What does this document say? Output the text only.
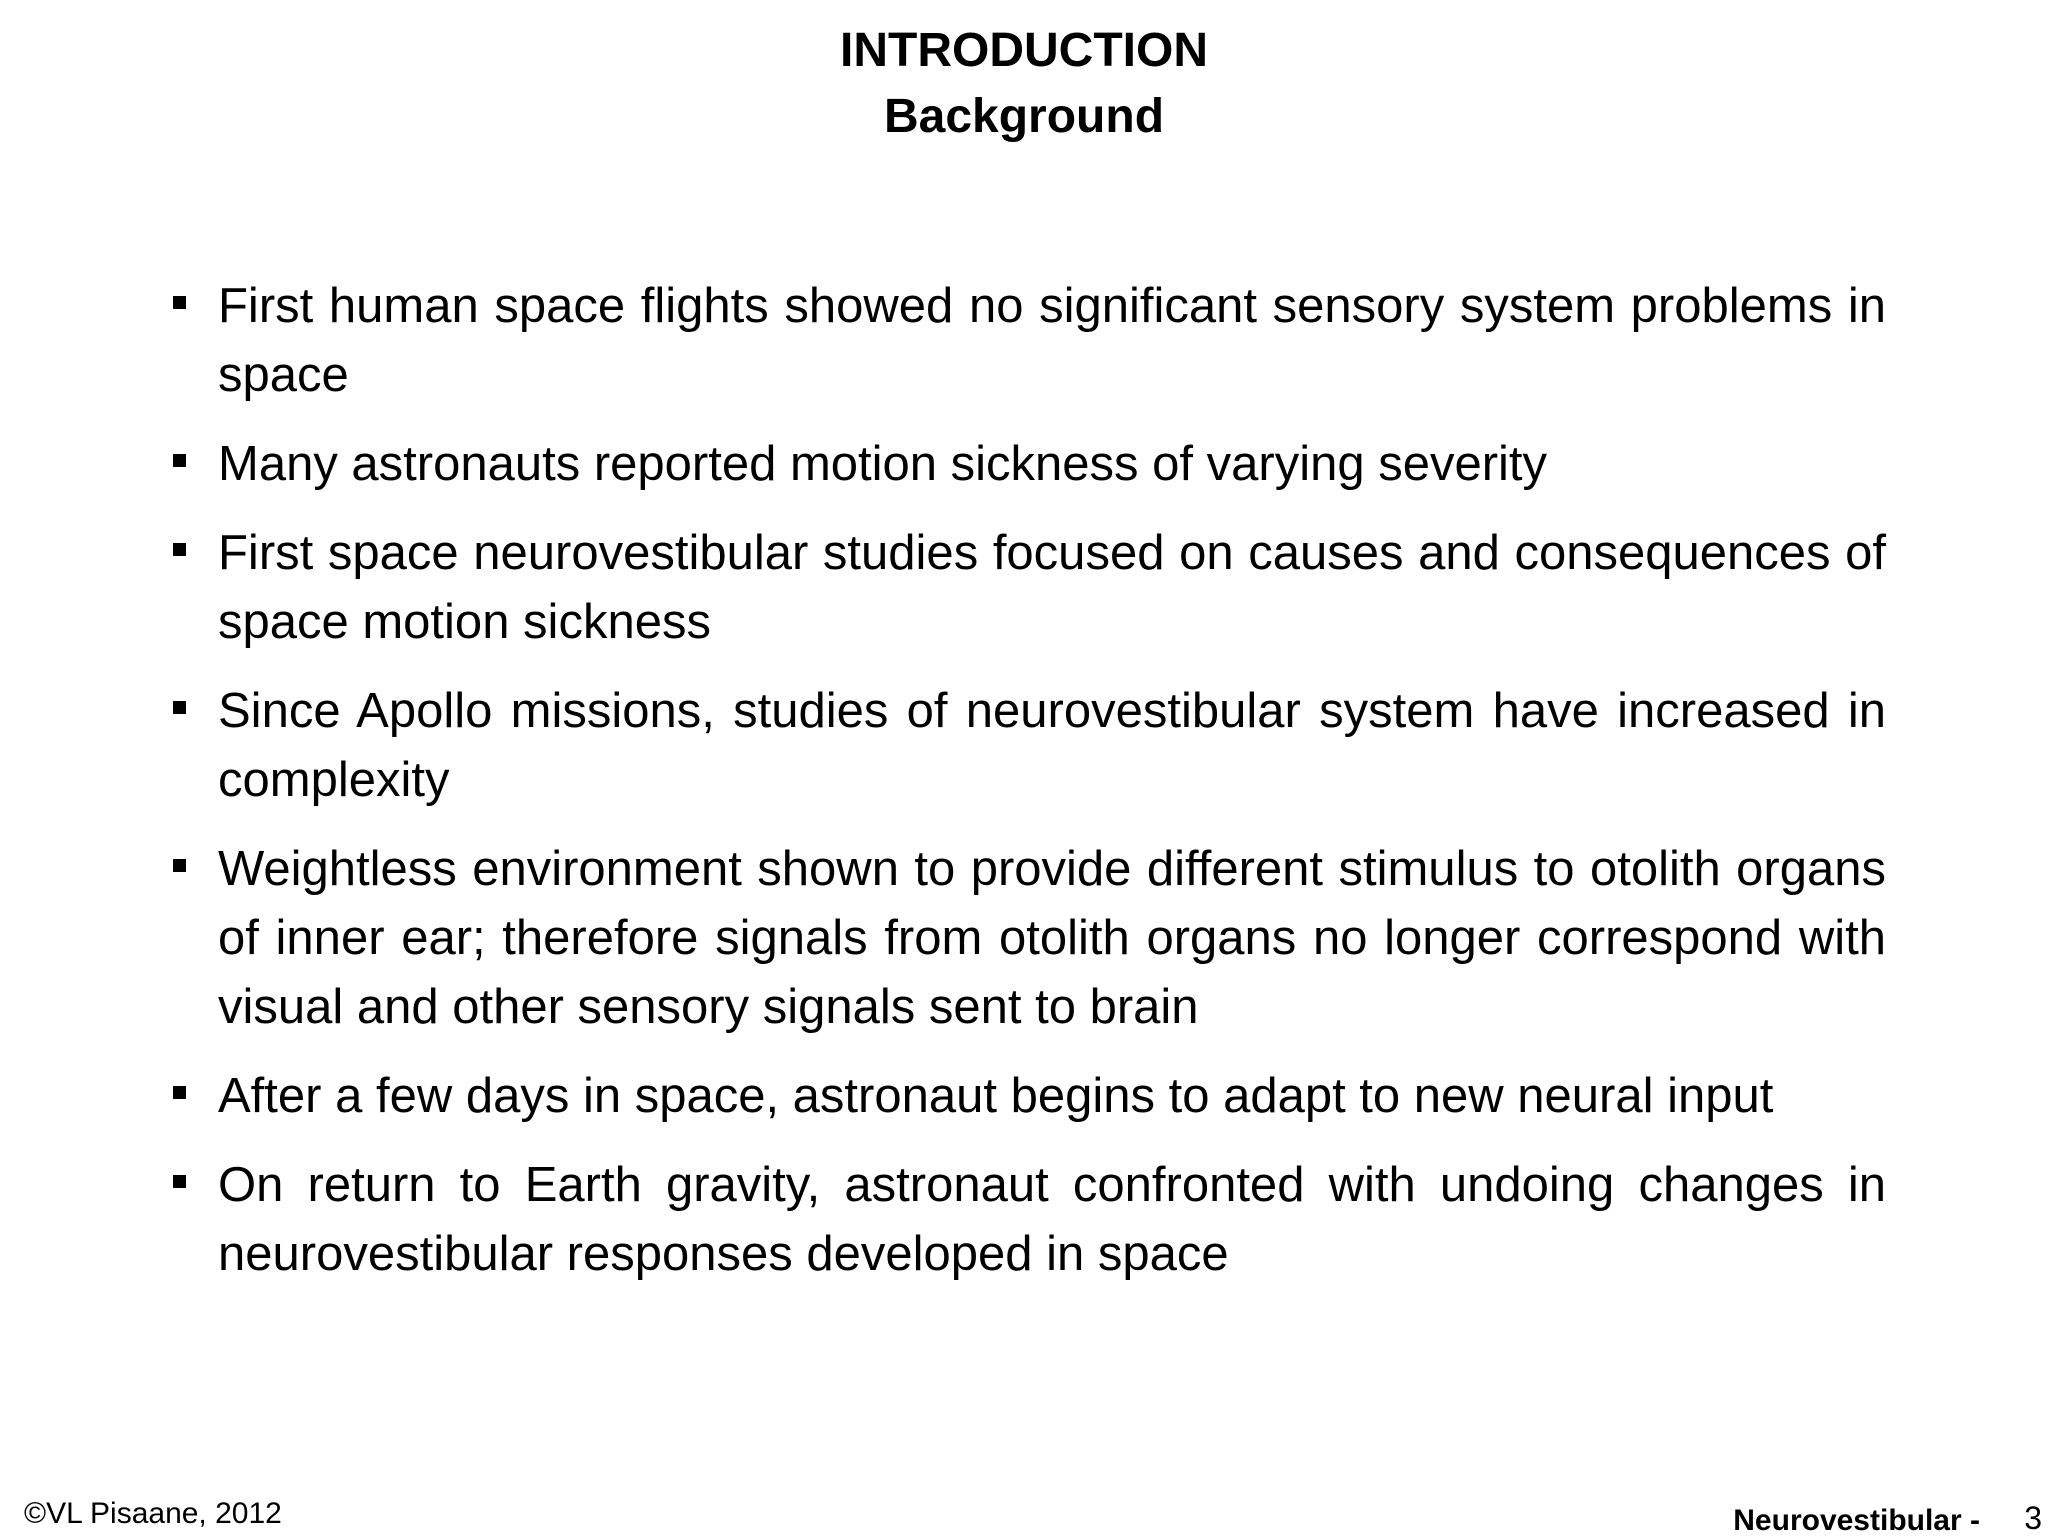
INTRODUCTION
Background
First human space flights showed no significant sensory system problems in space
Many astronauts reported motion sickness of varying severity
First space neurovestibular studies focused on causes and consequences of space motion sickness
Since Apollo missions, studies of neurovestibular system have increased in complexity
Weightless environment shown to provide different stimulus to otolith organs of inner ear; therefore signals from otolith organs no longer correspond with visual and other sensory signals sent to brain
After a few days in space, astronaut begins to adapt to new neural input
On return to Earth gravity, astronaut confronted with undoing changes in neurovestibular responses developed in space
©VL Pisaane, 2012	Neurovestibular - 3
